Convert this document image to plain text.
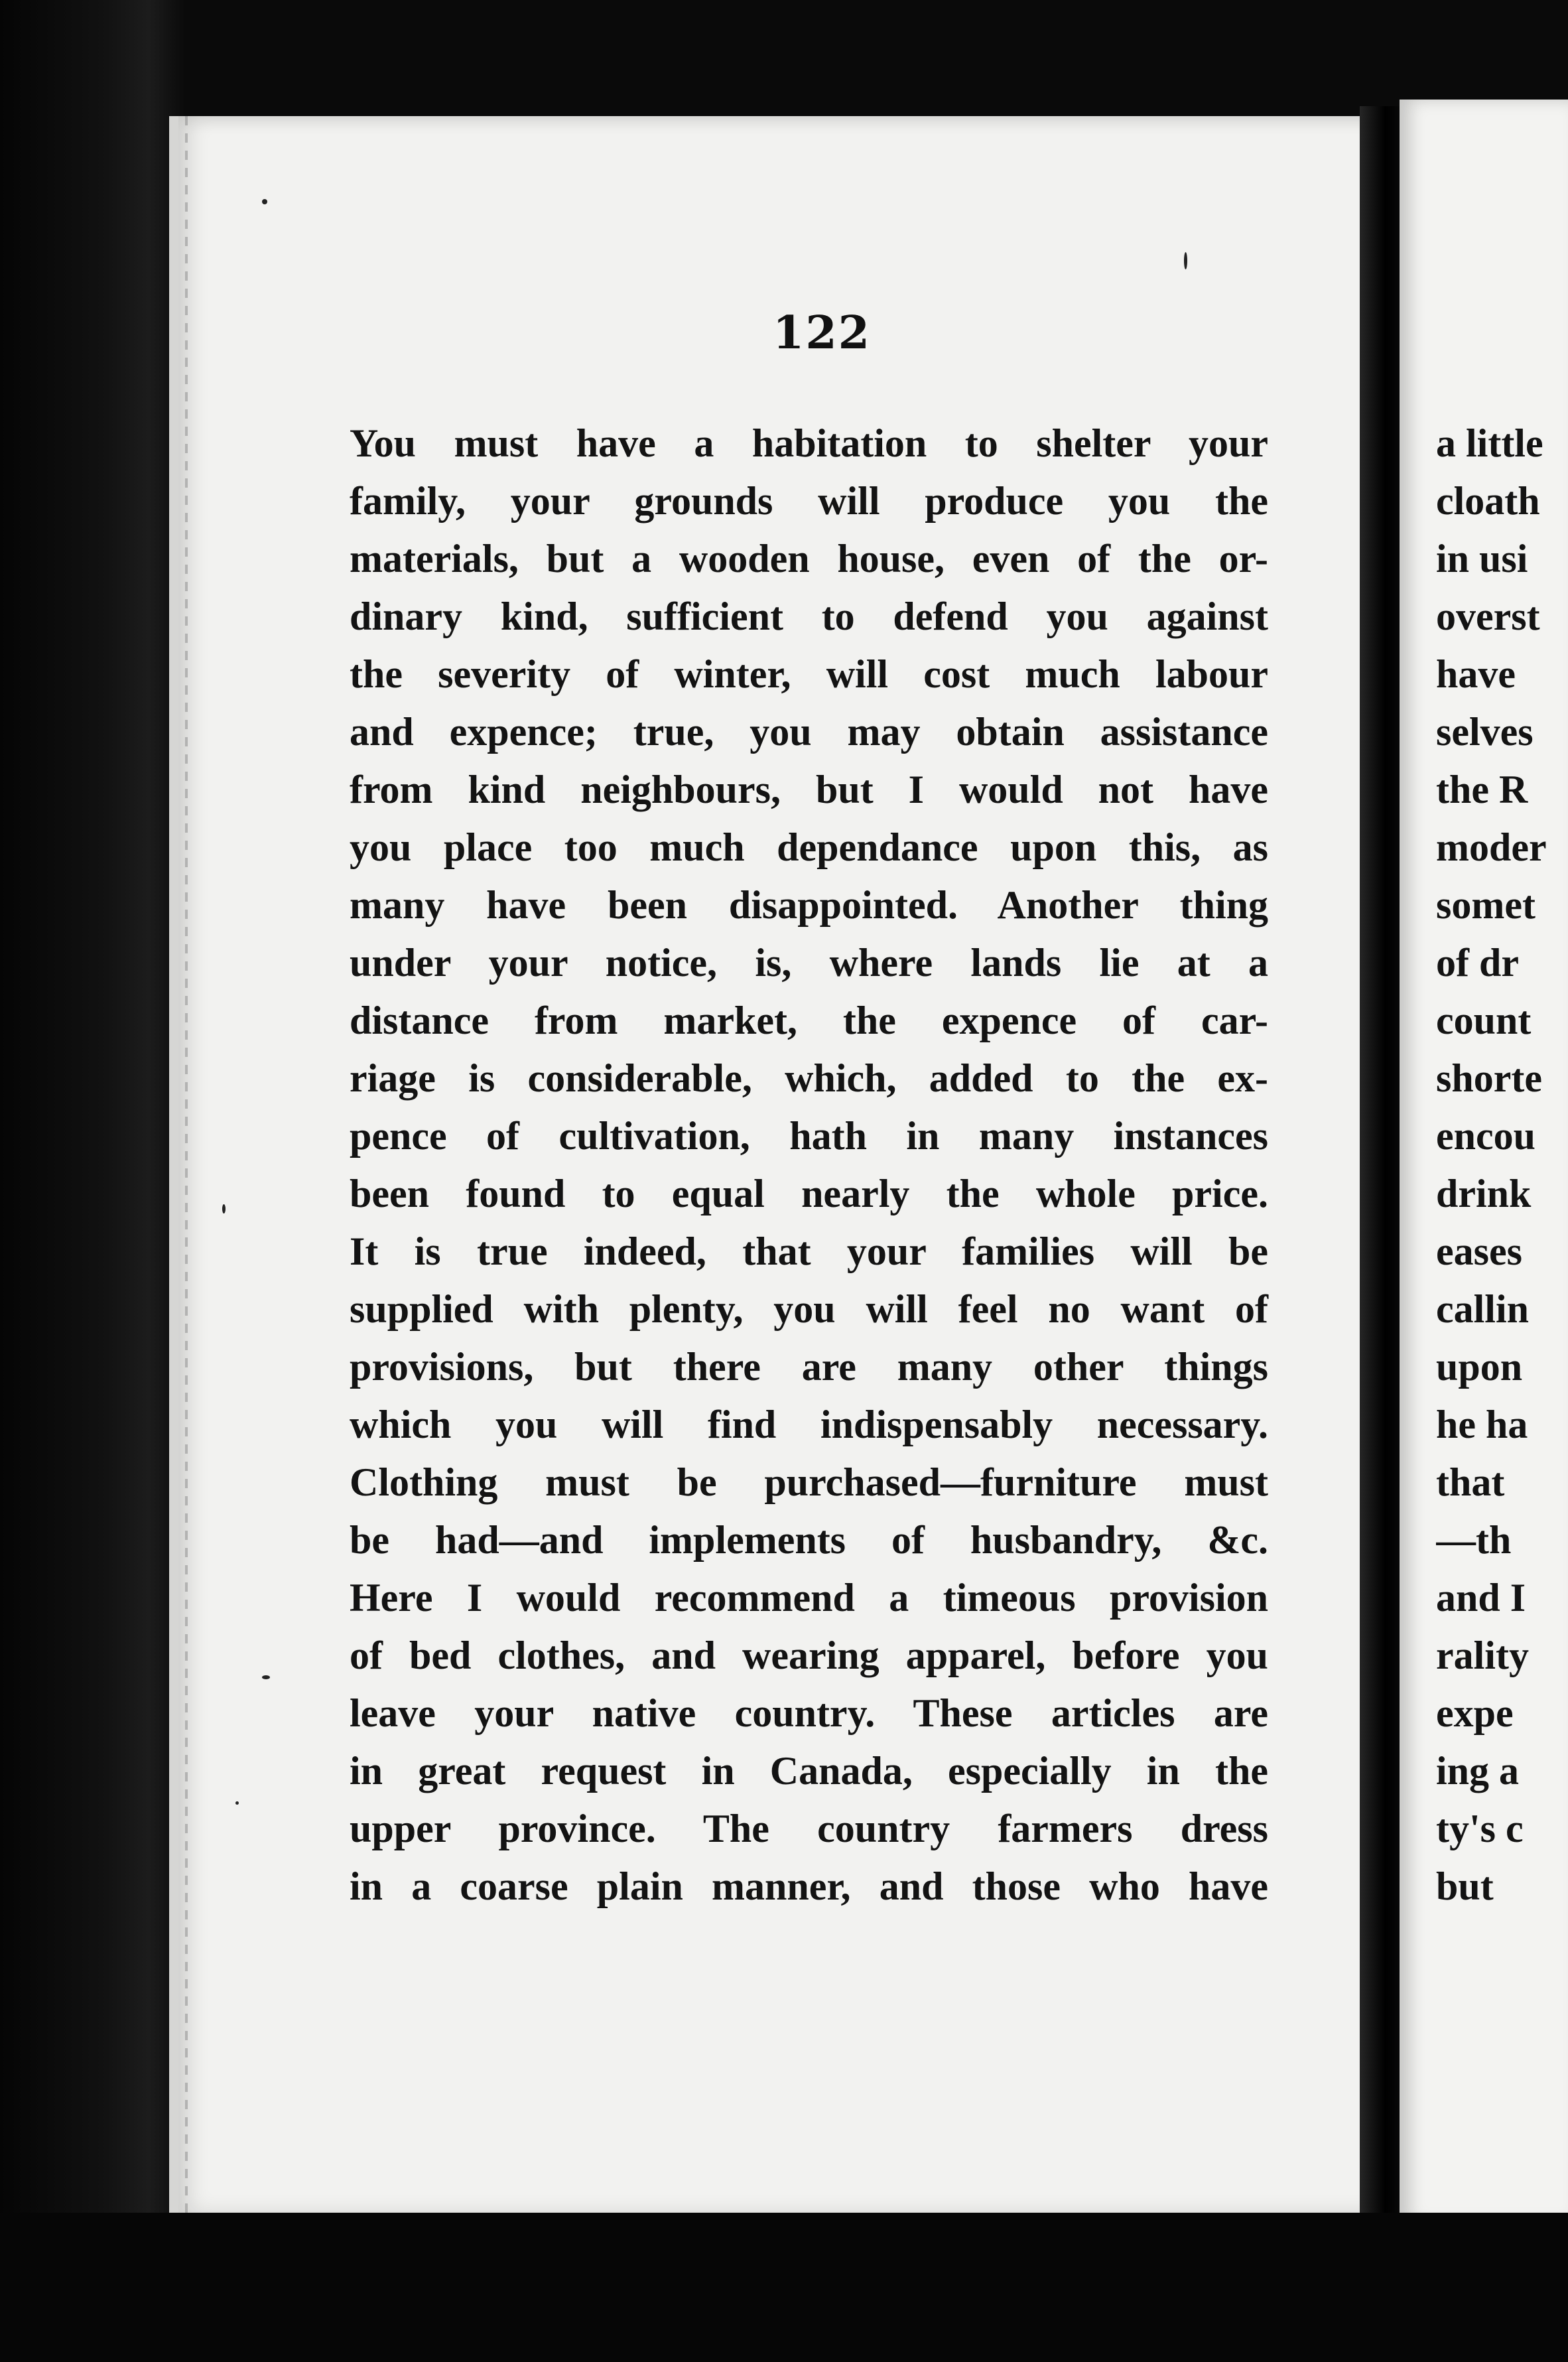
122
You must have a habitation to shelter your
family, your grounds will produce you the
materials, but a wooden house, even of the or-
dinary kind, sufficient to defend you against
the severity of winter, will cost much labour
and expence; true, you may obtain assistance
from kind neighbours, but I would not have
you place too much dependance upon this, as
many have been disappointed. Another thing
under your notice, is, where lands lie at a
distance from market, the expence of car-
riage is considerable, which, added to the ex-
pence of cultivation, hath in many instances
been found to equal nearly the whole price.
It is true indeed, that your families will be
supplied with plenty, you will feel no want of
provisions, but there are many other things
which you will find indispensably necessary.
Clothing must be purchased—furniture must
be had—and implements of husbandry, &c.
Here I would recommend a timeous provision
of bed clothes, and wearing apparel, before you
leave your native country. These articles are
in great request in Canada, especially in the
upper province. The country farmers dress
in a coarse plain manner, and those who have
a little
cloath
in usi
overst
have
selves
the R
moder
somet
of dr
count
shorte
encou
drink
eases
callin
upon
he ha
that
—th
and I
rality
expe
ing a
ty's c
but
